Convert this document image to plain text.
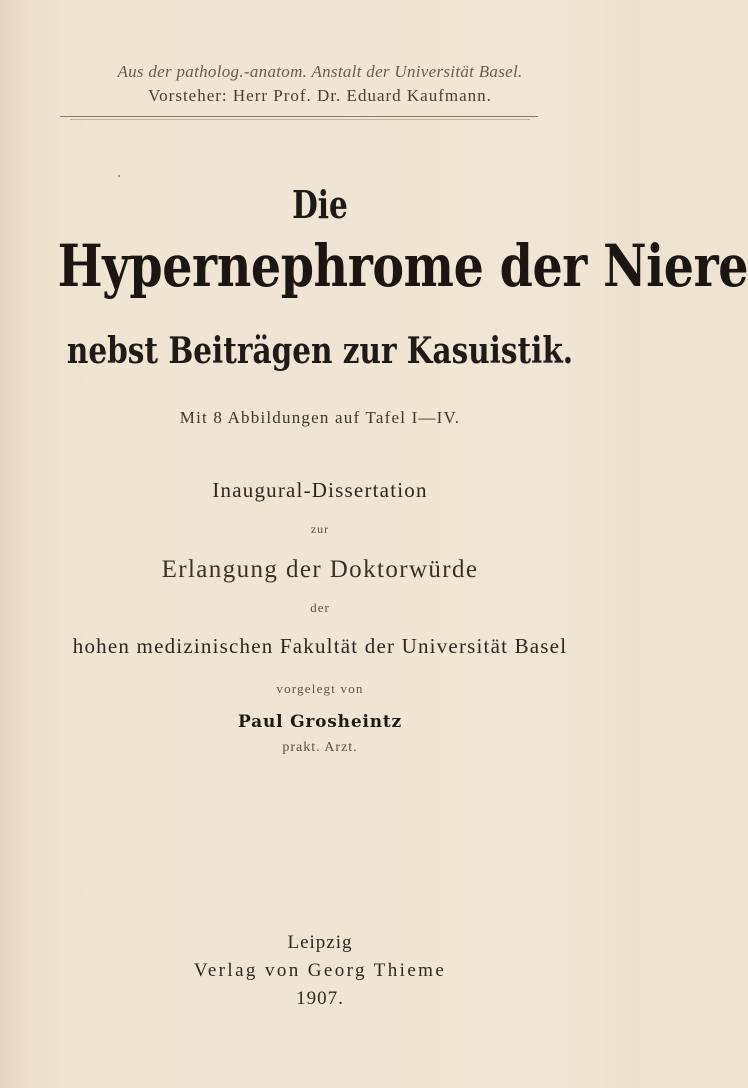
Aus der patholog.-anatom. Anstalt der Universität Basel.
Vorsteher: Herr Prof. Dr. Eduard Kaufmann.
Die
Hypernephrome der Niere
nebst Beiträgen zur Kasuistik.
Mit 8 Abbildungen auf Tafel I—IV.
Inaugural-Dissertation
zur
Erlangung der Doktorwürde
der
hohen medizinischen Fakultät der Universität Basel
vorgelegt von
Paul Grosheintz
prakt. Arzt.
Leipzig
Verlag von Georg Thieme
1907.
